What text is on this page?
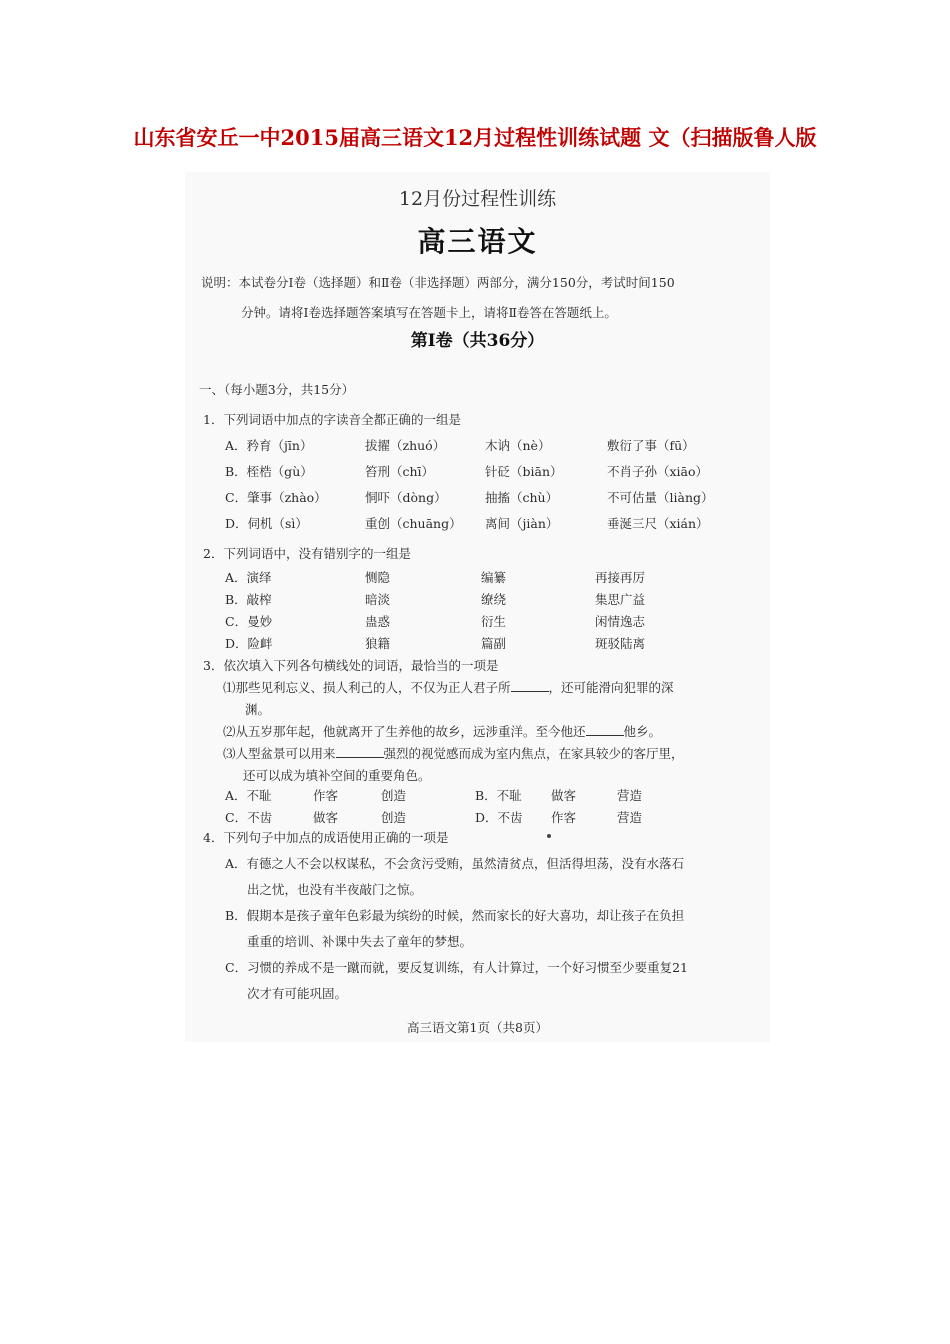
山东省安丘一中2015届高三语文12月过程性训练试题 文（扫描版鲁人版
12月份过程性训练
高三语文
说明：本试卷分Ⅰ卷（选择题）和Ⅱ卷（非选择题）两部分，满分150分，考试时间150
分钟。请将Ⅰ卷选择题答案填写在答题卡上，请将Ⅱ卷答在答题纸上。
第Ⅰ卷（共36分）
一、（每小题3分，共15分）
1．下列词语中加点的字读音全都正确的一组是
A．矜育（jīn）	拔擢（zhuó）	木讷（nè）	敷衍了事（fū）
B．桎梏（gù）	笞刑（chī）	针砭（biān）	不肖子孙（xiāo）
C．肇事（zhào）	恫吓（dòng）	抽搐（chù）	不可估量（liàng）
D．伺机（sì）	重创（chuāng） 离间（jiàn）	垂涎三尺（xián）
2．下列词语中，没有错别字的一组是
A．演绎	恻隐	编纂	再接再厉
B．敲榨	暗淡	缭绕	集思广益
C．曼妙	蛊惑	衍生	闲情逸志
D．险衅	狼籍	篇副	斑驳陆离
3．依次填入下列各句横线处的词语，最恰当的一项是
⑴那些见利忘义、损人利己的人，不仅为正人君子所	，还可能滑向犯罪的深
渊。
⑵从五岁那年起，他就离开了生养他的故乡，远涉重洋。至今他还	他乡。
⑶人型盆景可以用来	强烈的视觉感而成为室内焦点，在家具较少的客厅里，
还可以成为填补空间的重要角色。
A．不耻	作客	创造	B．不耻 做客	营造
C．不齿	做客	创造	D．不齿 作客	营造
4．下列句子中加点的成语使用正确的一项是
A．有德之人不会以权谋私，不会贪污受贿，虽然清贫点，但活得坦荡，没有水落石
出之忧，也没有半夜敲门之惊。
B．假期本是孩子童年色彩最为缤纷的时候，然而家长的好大喜功，却让孩子在负担
重重的培训、补课中失去了童年的梦想。
C．习惯的养成不是一蹴而就，要反复训练，有人计算过，一个好习惯至少要重复21
次才有可能巩固。
高三语文第1页（共8页）
